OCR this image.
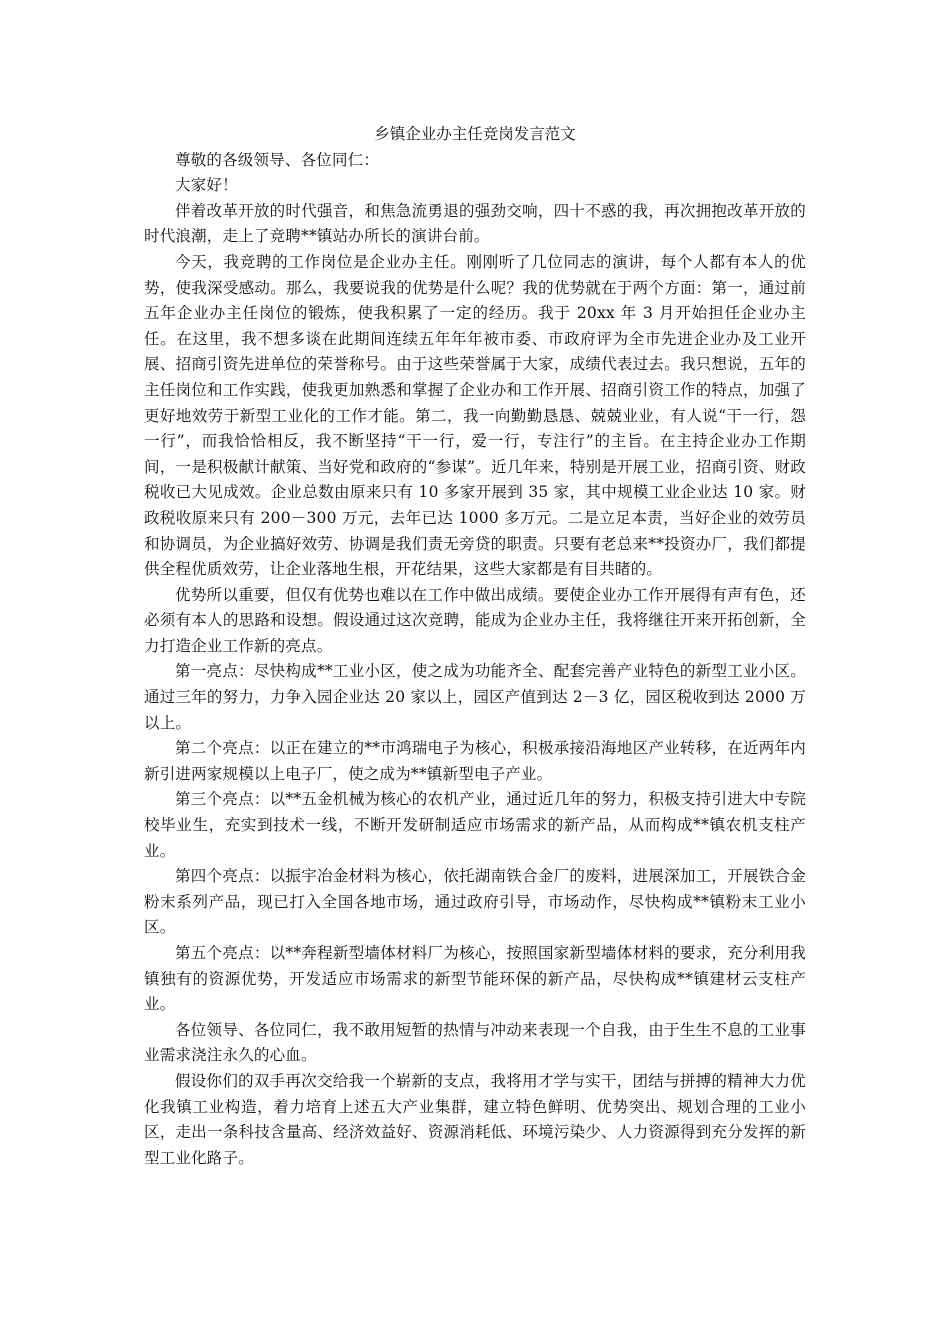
乡镇企业办主任竞岗发言范文

尊敬的各级领导、各位同仁：

大家好！

伴着改革开放的时代强音，和焦急流勇退的强劲交响，四十不惑的我，再次拥抱改革开放的时代浪潮，走上了竞聘**镇站办所长的演讲台前。

今天，我竞聘的工作岗位是企业办主任。刚刚听了几位同志的演讲，每个人都有本人的优势，使我深受感动。那么，我要说我的优势是什么呢？我的优势就在于两个方面：第一，通过前五年企业办主任岗位的锻炼，使我积累了一定的经历。我于 20xx 年 3 月开始担任企业办主任。在这里，我不想多谈在此期间连续五年年年被市委、市政府评为全市先进企业办及工业开展、招商引资先进单位的荣誉称号。由于这些荣誉属于大家，成绩代表过去。我只想说，五年的主任岗位和工作实践，使我更加熟悉和掌握了企业办和工作开展、招商引资工作的特点，加强了更好地效劳于新型工业化的工作才能。第二，我一向勤勤恳恳、兢兢业业，有人说“干一行，怨一行”，而我恰恰相反，我不断坚持“干一行，爱一行，专注行”的主旨。在主持企业办工作期间，一是积极献计献策、当好党和政府的“参谋”。近几年来，特别是开展工业，招商引资、财政税收已大见成效。企业总数由原来只有 10 多家开展到 35 家，其中规模工业企业达 10 家。财政税收原来只有 200－300 万元，去年已达 1000 多万元。二是立足本责，当好企业的效劳员和协调员，为企业搞好效劳、协调是我们责无旁贷的职责。只要有老总来**投资办厂，我们都提供全程优质效劳，让企业落地生根，开花结果，这些大家都是有目共睹的。

优势所以重要，但仅有优势也难以在工作中做出成绩。要使企业办工作开展得有声有色，还必须有本人的思路和设想。假设通过这次竞聘，能成为企业办主任，我将继往开来开拓创新，全力打造企业工作新的亮点。

第一亮点：尽快构成**工业小区，使之成为功能齐全、配套完善产业特色的新型工业小区。通过三年的努力，力争入园企业达 20 家以上，园区产值到达 2－3 亿，园区税收到达 2000 万以上。

第二个亮点：以正在建立的**市鸿瑞电子为核心，积极承接沿海地区产业转移，在近两年内新引进两家规模以上电子厂，使之成为**镇新型电子产业。

第三个亮点：以**五金机械为核心的农机产业，通过近几年的努力，积极支持引进大中专院校毕业生，充实到技术一线，不断开发研制适应市场需求的新产品，从而构成**镇农机支柱产业。

第四个亮点：以振宇冶金材料为核心，依托湖南铁合金厂的废料，进展深加工，开展铁合金粉末系列产品，现已打入全国各地市场，通过政府引导，市场动作，尽快构成**镇粉末工业小区。

第五个亮点：以**奔程新型墙体材料厂为核心，按照国家新型墙体材料的要求，充分利用我镇独有的资源优势，开发适应市场需求的新型节能环保的新产品，尽快构成**镇建材云支柱产业。

各位领导、各位同仁，我不敢用短暂的热情与冲动来表现一个自我，由于生生不息的工业事业需求浇注永久的心血。

假设你们的双手再次交给我一个崭新的支点，我将用才学与实干，团结与拼搏的精神大力优化我镇工业构造，着力培育上述五大产业集群，建立特色鲜明、优势突出、规划合理的工业小区，走出一条科技含量高、经济效益好、资源消耗低、环境污染少、人力资源得到充分发挥的新型工业化路子。
